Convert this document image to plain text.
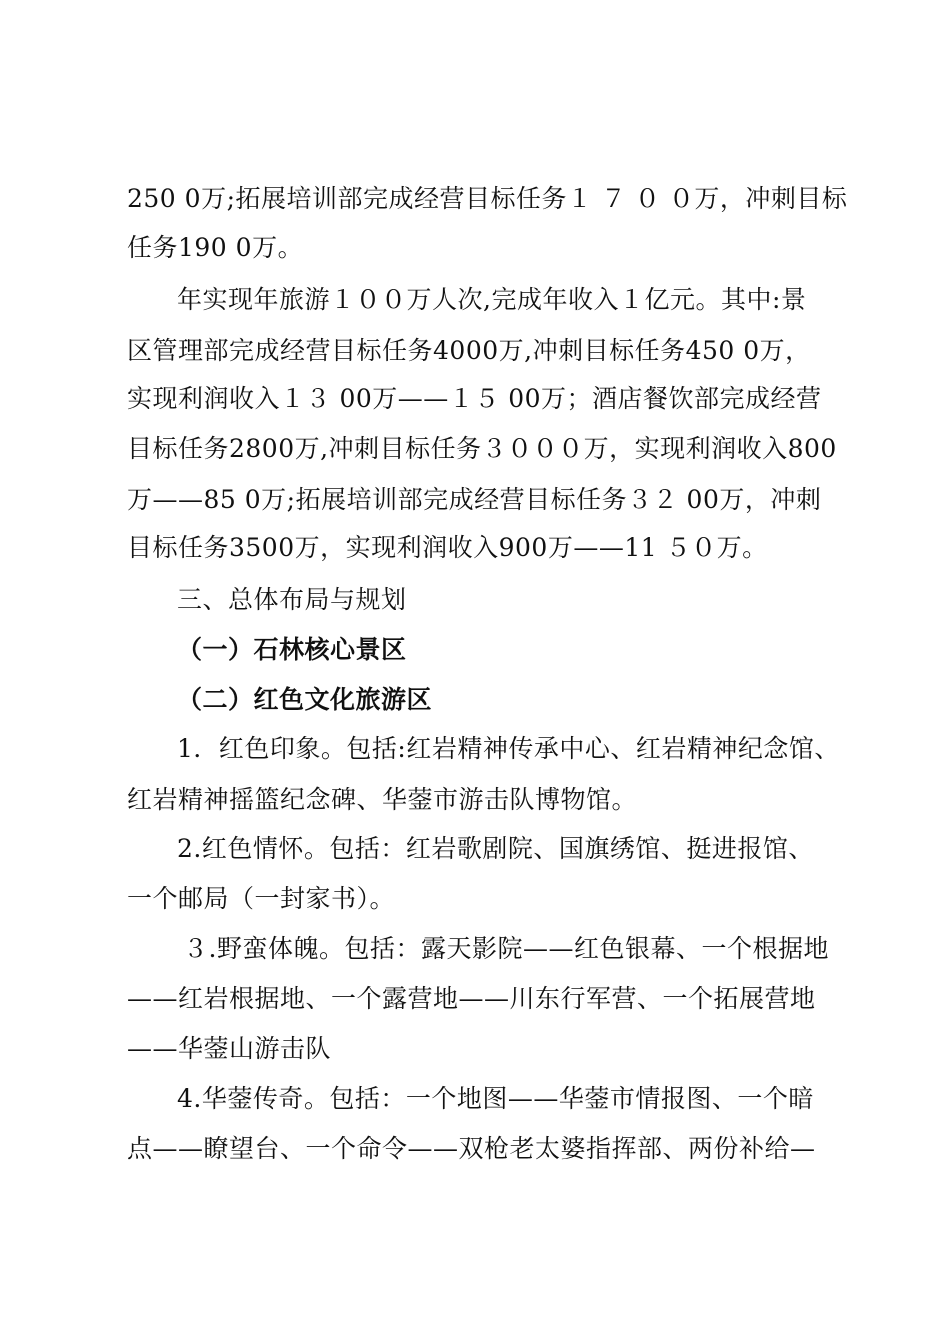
250 0万;拓展培训部完成经营目标任务１ ７ ０ ０万，冲刺目标
任务190 0万。
年实现年旅游１００万人次,完成年收入１亿元。其中:景
区管理部完成经营目标任务4000万,冲刺目标任务450 0万，
实现利润收入１３ 00万——１５ 00万；酒店餐饮部完成经营
目标任务2800万,冲刺目标任务３０００万，实现利润收入800
万——85 0万;拓展培训部完成经营目标任务３２ 00万，冲刺
目标任务3500万，实现利润收入900万——11 ５０万。
三、总体布局与规划
（一）石林核心景区
（二）红色文化旅游区
1．红色印象。包括:红岩精神传承中心、红岩精神纪念馆、
红岩精神摇篮纪念碑、华蓥市游击队博物馆。
2.红色情怀。包括：红岩歌剧院、国旗绣馆、挺进报馆、
一个邮局（一封家书）。
３.野蛮体魄。包括：露天影院——红色银幕、一个根据地
——红岩根据地、一个露营地——川东行军营、一个拓展营地
——华蓥山游击队
4.华蓥传奇。包括：一个地图——华蓥市情报图、一个暗
点——瞭望台、一个命令——双枪老太婆指挥部、两份补给—
